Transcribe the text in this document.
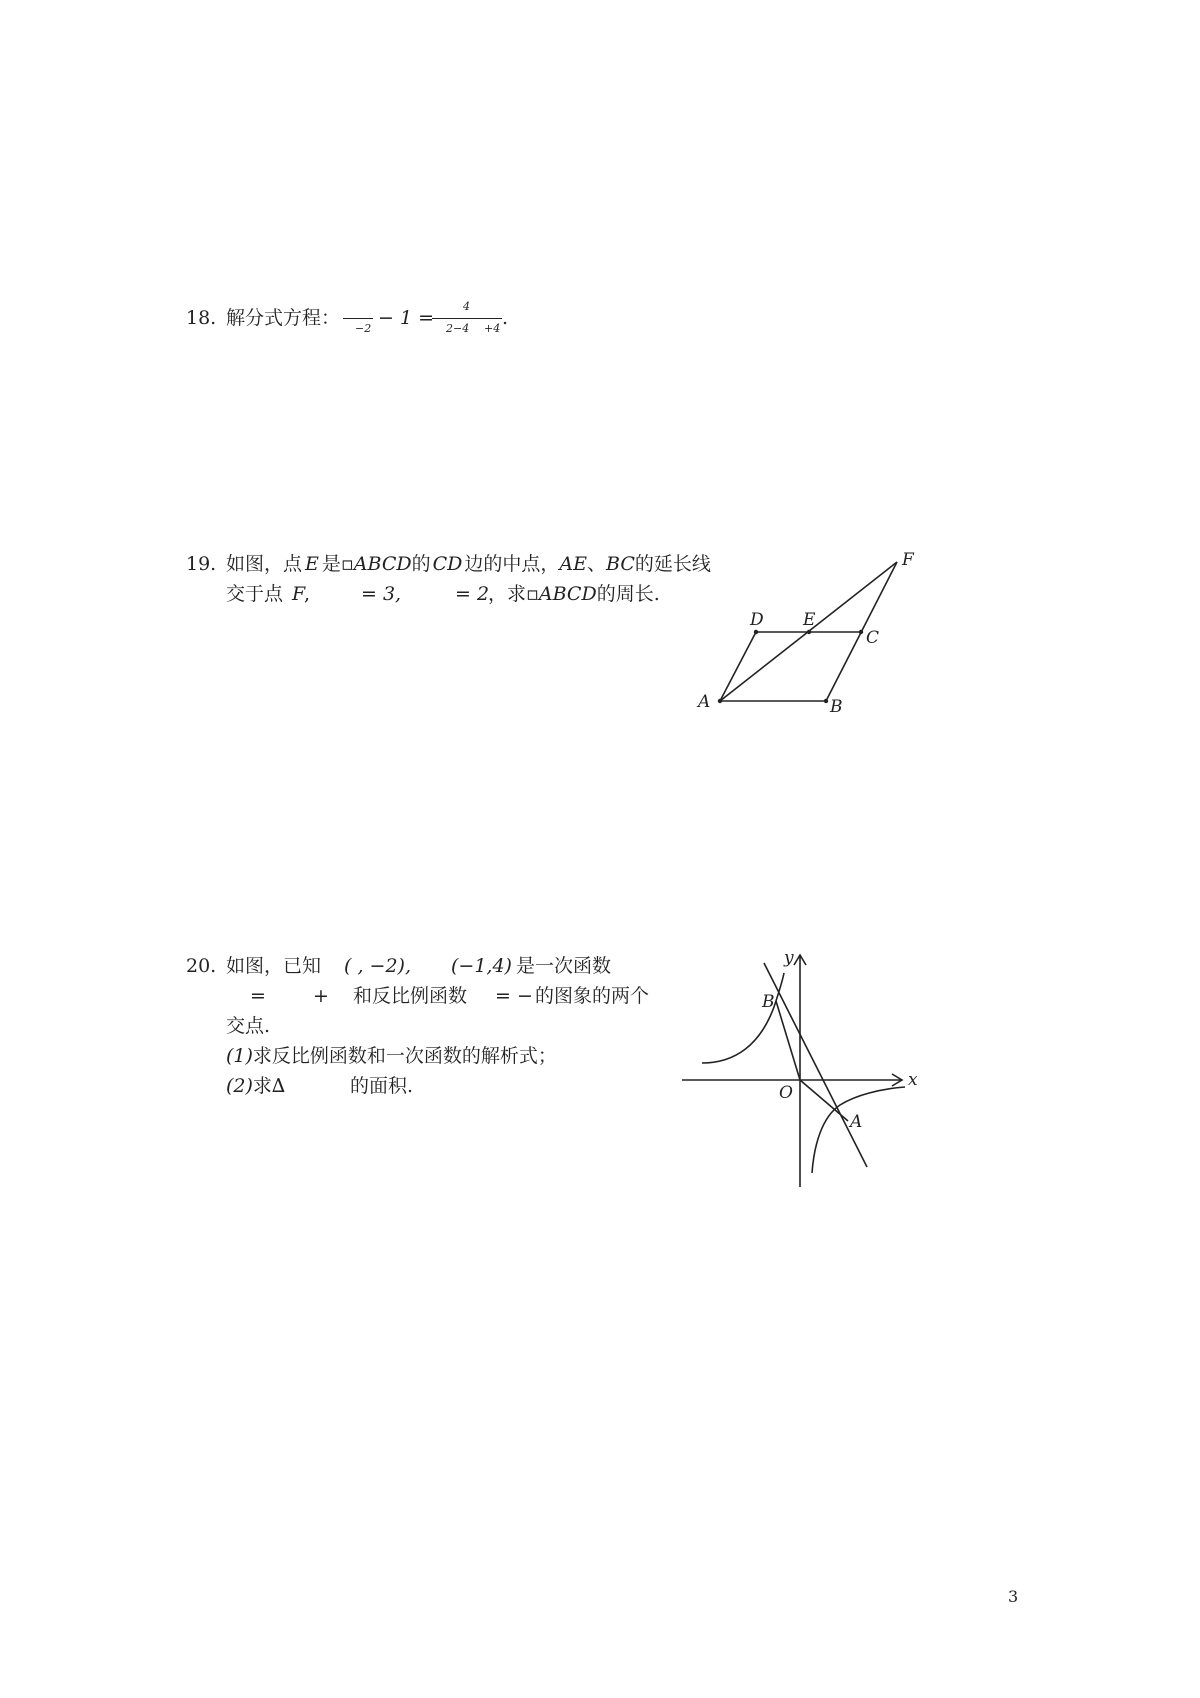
18. 解分式方程： −2 − 1 =
4
2−4 +4 .
19. 如图，点 E 是▫ABCD的 CD 边的中点，AE、BC的延长线
交于点 F
,	= 3,	= 2
，求▫ABCD的周长.
A	B
C
D E
F
20. 如图，已知 ( , −2), (−1,4) 是一次函数
= + 和反比例函数 = − 的图象的两个
交点.
(1)求反比例函数和一次函数的解析式；
(2)求∆	的面积.
y
x
B
O
A
3
